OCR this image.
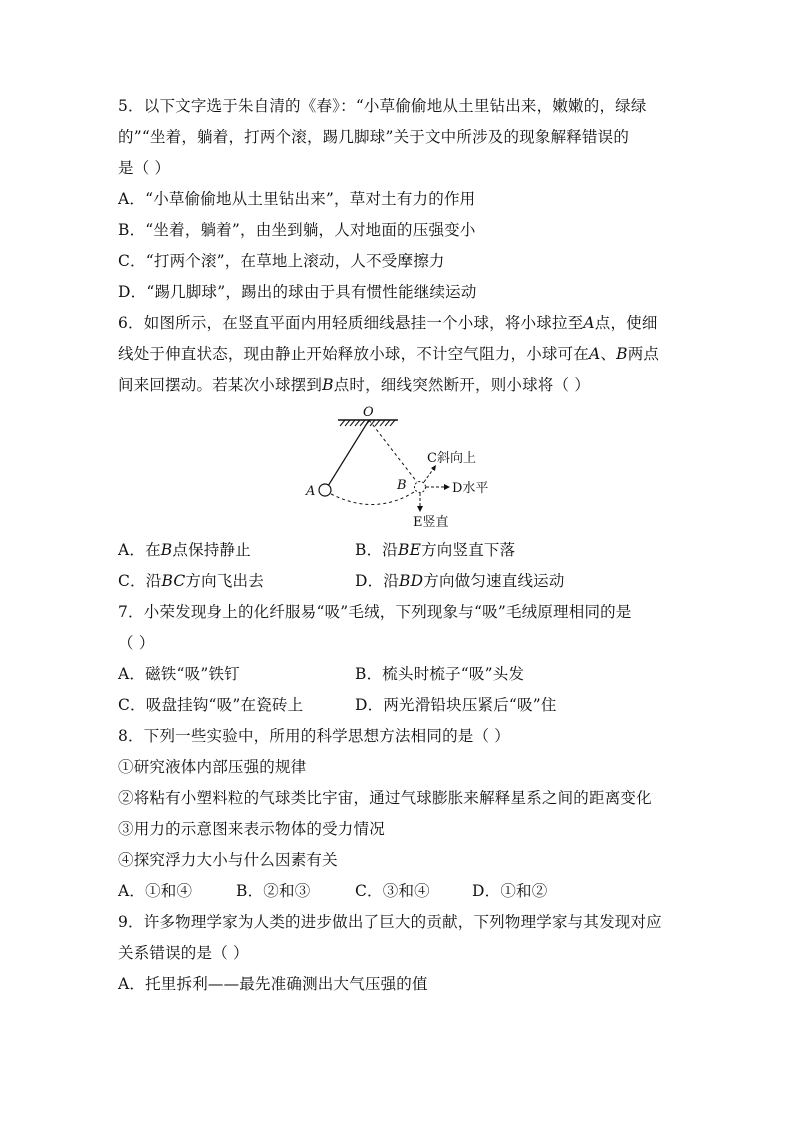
5．以下文字选于朱自清的《春》：“小草偷偷地从土里钻出来，嫩嫩的，绿绿
的”“坐着，躺着，打两个滚，踢几脚球”关于文中所涉及的现象解释错误的
是（ ）
A．“小草偷偷地从土里钻出来”，草对土有力的作用
B．“坐着，躺着”，由坐到躺，人对地面的压强变小
C．“打两个滚”，在草地上滚动，人不受摩擦力
D．“踢几脚球”，踢出的球由于具有惯性能继续运动
6．如图所示，在竖直平面内用轻质细线悬挂一个小球，将小球拉至A点，使细
线处于伸直状态，现由静止开始释放小球，不计空气阻力，小球可在A、B两点
间来回摆动。若某次小球摆到B点时，细线突然断开，则小球将（ ）
O
A	B
C斜向上
D水平
E竖直
A．在B点保持静止	B．沿BE方向竖直下落
C．沿BC方向飞出去	D．沿BD方向做匀速直线运动
7．小荣发现身上的化纤服易“吸”毛绒，下列现象与“吸”毛绒原理相同的是
（ ）
A．磁铁“吸”铁钉	B．梳头时梳子“吸”头发
C．吸盘挂钩“吸”在瓷砖上	D．两光滑铅块压紧后“吸”住
8．下列一些实验中，所用的科学思想方法相同的是（ ）
①研究液体内部压强的规律
②将粘有小塑料粒的气球类比宇宙，通过气球膨胀来解释星系之间的距离变化
③用力的示意图来表示物体的受力情况
④探究浮力大小与什么因素有关
A．①和④	B．②和③	C．③和④	D．①和②
9．许多物理学家为人类的进步做出了巨大的贡献，下列物理学家与其发现对应
关系错误的是（ ）
A．托里拆利——最先准确测出大气压强的值
